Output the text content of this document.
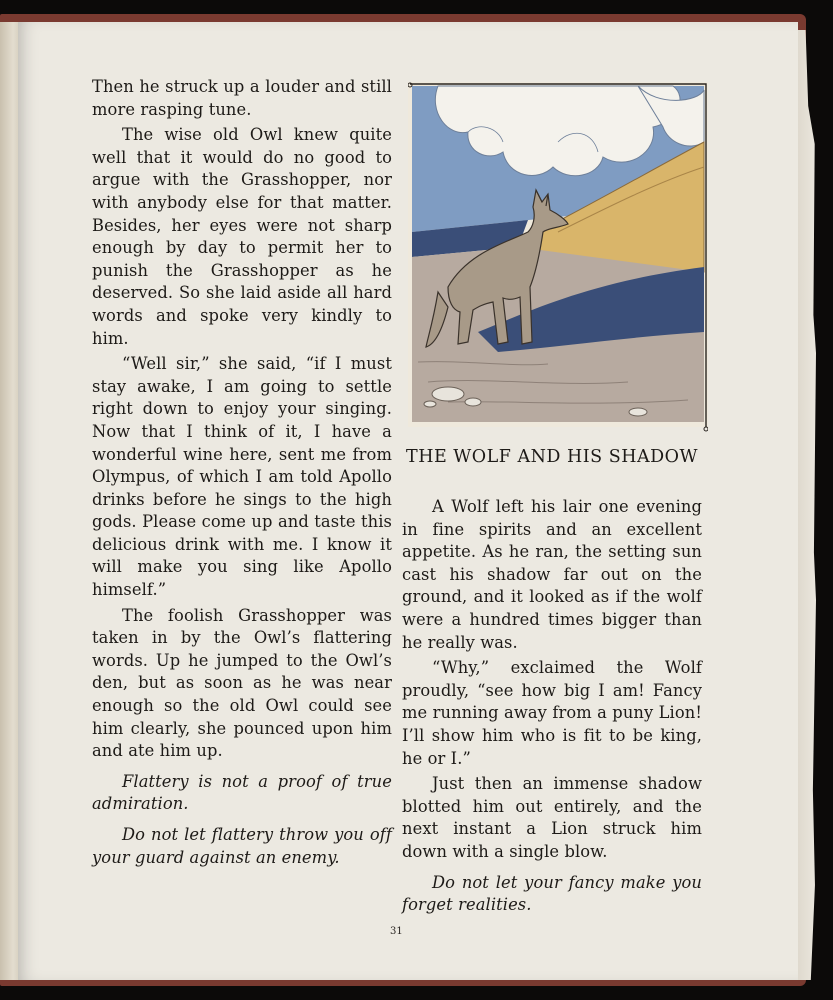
Then he struck up a louder and still more rasping tune.

The wise old Owl knew quite well that it would do no good to argue with the Grasshopper, nor with anybody else for that matter. Besides, her eyes were not sharp enough by day to permit her to punish the Grasshopper as he deserved. So she laid aside all hard words and spoke very kindly to him.

“Well sir,” she said, “if I must stay awake, I am going to settle right down to enjoy your singing. Now that I think of it, I have a wonderful wine here, sent me from Olympus, of which I am told Apollo drinks before he sings to the high gods. Please come up and taste this delicious drink with me. I know it will make you sing like Apollo himself.”

The foolish Grasshopper was taken in by the Owl’s flattering words. Up he jumped to the Owl’s den, but as soon as he was near enough so the old Owl could see him clearly, she pounced upon him and ate him up.

Flattery is not a proof of true admiration.

Do not let flattery throw you off your guard against an enemy.

THE WOLF AND HIS SHADOW

A Wolf left his lair one evening in fine spirits and an excellent appetite. As he ran, the setting sun cast his shadow far out on the ground, and it looked as if the wolf were a hundred times bigger than he really was.

“Why,” exclaimed the Wolf proudly, “see how big I am! Fancy me running away from a puny Lion! I’ll show him who is fit to be king, he or I.”

Just then an immense shadow blotted him out entirely, and the next instant a Lion struck him down with a single blow.

Do not let your fancy make you forget realities.

31
